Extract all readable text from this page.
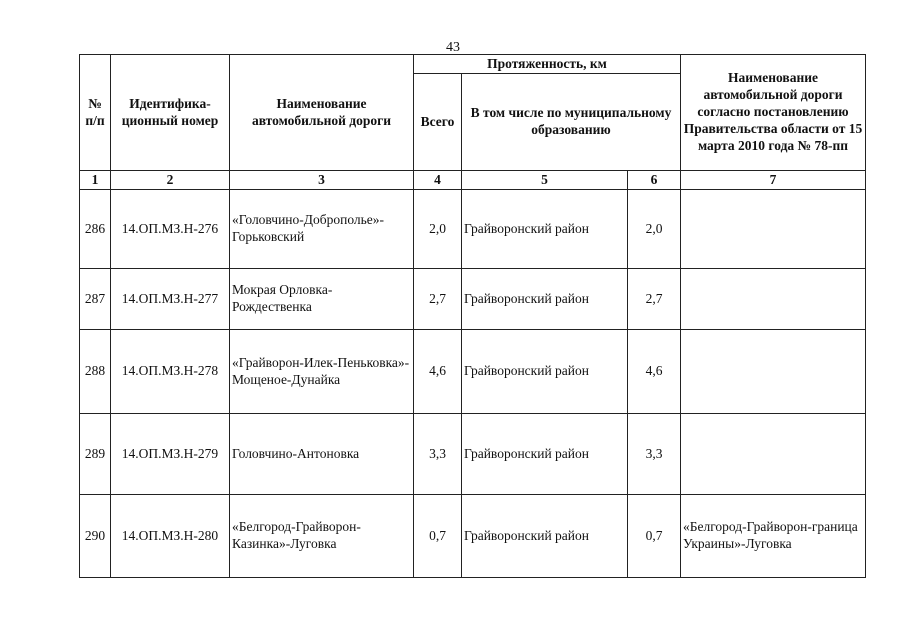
43
№ п/п	Идентифика-ционный номер	Наименование автомобильной дороги	Протяженность, км			Наименование автомобильной дороги согласно постановлению Правительства области от 15 марта 2010 года № 78-пп
			Всего	В том числе по муниципальному образованию		
1	2	3	4	5	6	7
286	14.ОП.МЗ.Н-276	«Головчино-Доброполье»-Горьковский	2,0	Грайворонский район	2,0	
287	14.ОП.МЗ.Н-277	Мокрая Орловка-Рождественка	2,7	Грайворонский район	2,7	
288	14.ОП.МЗ.Н-278	«Грайворон-Илек-Пеньковка»-Мощеное-Дунайка	4,6	Грайворонский район	4,6	
289	14.ОП.МЗ.Н-279	Головчино-Антоновка	3,3	Грайворонский район	3,3	
290	14.ОП.МЗ.Н-280	«Белгород-Грайворон-Казинка»-Луговка	0,7	Грайворонский район	0,7	«Белгород-Грайворон-граница Украины»-Луговка
